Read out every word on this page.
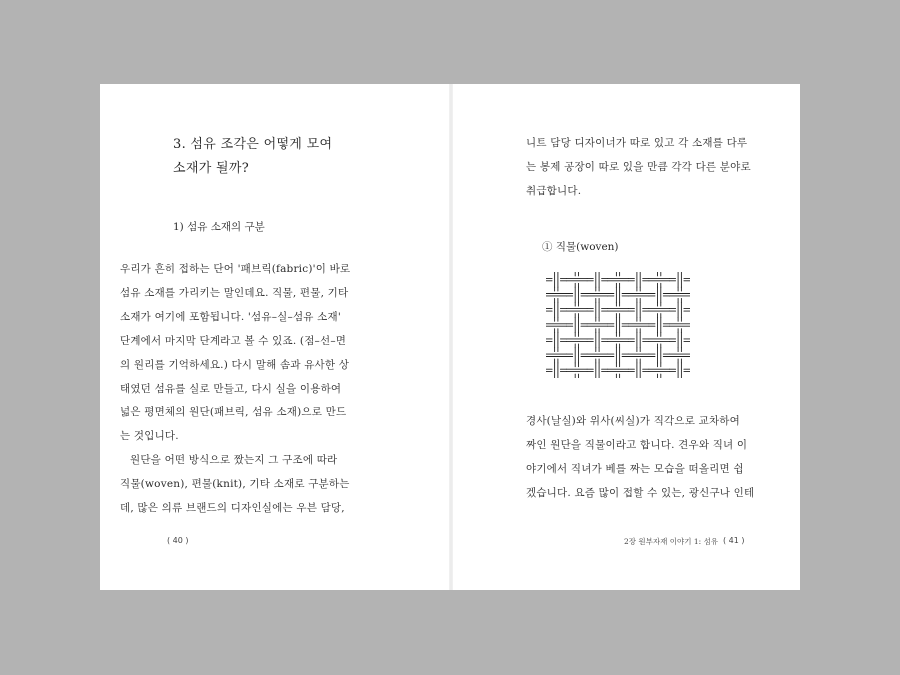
3. 섬유 조각은 어떻게 모여
소재가 될까?
1) 섬유 소재의 구분
우리가 흔히 접하는 단어 '패브릭(fabric)'이 바로
섬유 소재를 가리키는 말인데요. 직물, 편물, 기타
소재가 여기에 포함됩니다. '섬유–실–섬유 소재'
단계에서 마지막 단계라고 볼 수 있죠. (점–선–면
의 원리를 기억하세요.) 다시 말해 솜과 유사한 상
태였던 섬유를 실로 만들고, 다시 실을 이용하여
넓은 평면체의 원단(패브릭, 섬유 소재)으로 만드
는 것입니다.
원단을 어떤 방식으로 짰는지 그 구조에 따라
직물(woven), 편물(knit), 기타 소재로 구분하는
데, 많은 의류 브랜드의 디자인실에는 우븐 담당,
( 40 )
니트 담당 디자이너가 따로 있고 각 소재를 다루
는 봉제 공장이 따로 있을 만큼 각각 다른 분야로
취급합니다.
① 직물(woven)
경사(날실)와 위사(씨실)가 직각으로 교차하여
짜인 원단을 직물이라고 합니다. 견우와 직녀 이
야기에서 직녀가 베를 짜는 모습을 떠올리면 쉽
겠습니다. 요즘 많이 접할 수 있는, 광신구나 인테
2장 원부자재 이야기 1: 섬유 ( 41 )
